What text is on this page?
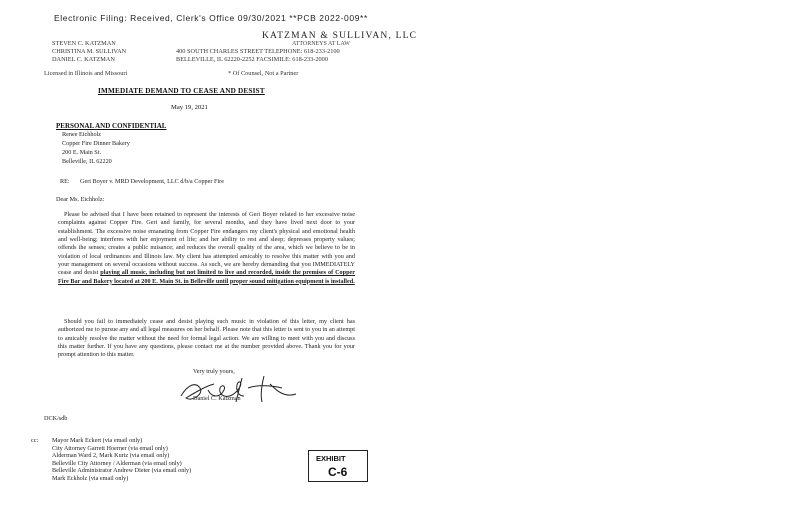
Electronic Filing: Received, Clerk's Office 09/30/2021 **PCB 2022-009**
STEVEN C. KATZMAN
CHRISTINA M. SULLIVAN
DANIEL C. KATZMAN
KATZMAN & SULLIVAN, LLC
ATTORNEYS AT LAW
400 SOUTH CHARLES STREET TELEPHONE: 618-233-2100
BELLEVILLE, IL 62220-2252 FACSIMILE: 618-233-2000
Licensed in Illinois and Missouri	* Of Counsel, Not a Partner
IMMEDIATE DEMAND TO CEASE AND DESIST
May 19, 2021
PERSONAL AND CONFIDENTIAL
Renee Eichholz
Copper Fire Dinner Bakery
200 E. Main St.
Belleville, IL 62220
RE: Geri Boyer v. MRD Development, LLC d/b/a Copper Fire
Dear Ms. Eichholz:
Please be advised that I have been retained to represent the interests of Geri Boyer related to her excessive noise complaints against Copper Fire. Geri and family, for several months, and they have lived next door to your establishment. The excessive noise emanating from Copper Fire endangers my client's physical and emotional health and well-being; interferes with her enjoyment of life; and her ability to rest and sleep; depresses property values; offends the senses; creates a public nuisance; and reduces the overall quality of the area, which we believe to be in violation of local ordinances and Illinois law. My client has attempted amicably to resolve this matter with you and your management on several occasions without success. As such, we are hereby demanding that you IMMEDIATELY cease and desist playing all music, including but not limited to live and recorded, inside the premises of Copper Fire Bar and Bakery located at 200 E. Main St. in Belleville until proper sound mitigation equipment is installed.
Should you fail to immediately cease and desist playing such music in violation of this letter, my client has authorized me to pursue any and all legal measures on her behalf. Please note that this letter is sent to you in an attempt to amicably resolve the matter without the need for formal legal action. We are willing to meet with you and discuss this matter further. If you have any questions, please contact me at the number provided above. Thank you for your prompt attention to this matter.
Very truly yours,
Daniel C. Katzman
DCK/sdb
cc: Mayor Mark Eckert (via email only)
City Attorney Garrett Hoerner (via email only)
Alderman Ward 2, Mark Kurtz (via email only)
Belleville City Attorney / Alderman (via email only)
Belleville Administrator Andrew Dieter (via email only)
Mark Eckholz (via email only)
EXHIBIT
C-6
